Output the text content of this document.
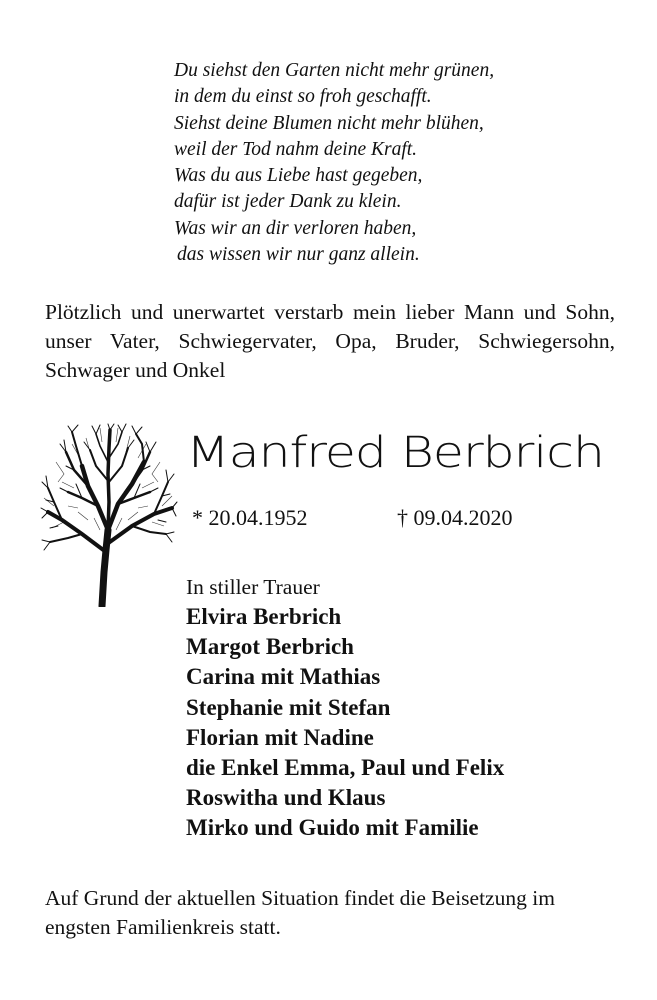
Du siehst den Garten nicht mehr grünen,
in dem du einst so froh geschafft.
Siehst deine Blumen nicht mehr blühen,
weil der Tod nahm deine Kraft.
Was du aus Liebe hast gegeben,
dafür ist jeder Dank zu klein.
Was wir an dir verloren haben,
das wissen wir nur ganz allein.
Plötzlich und unerwartet verstarb mein lieber Mann und Sohn, unser Vater, Schwiegervater, Opa, Bruder, Schwiegersohn, Schwager und Onkel
Manfred Berbrich
* 20.04.1952	† 09.04.2020
In stiller Trauer
Elvira Berbrich
Margot Berbrich
Carina mit Mathias
Stephanie mit Stefan
Florian mit Nadine
die Enkel Emma, Paul und Felix
Roswitha und Klaus
Mirko und Guido mit Familie
Auf Grund der aktuellen Situation findet die Beisetzung im engsten Familienkreis statt.
